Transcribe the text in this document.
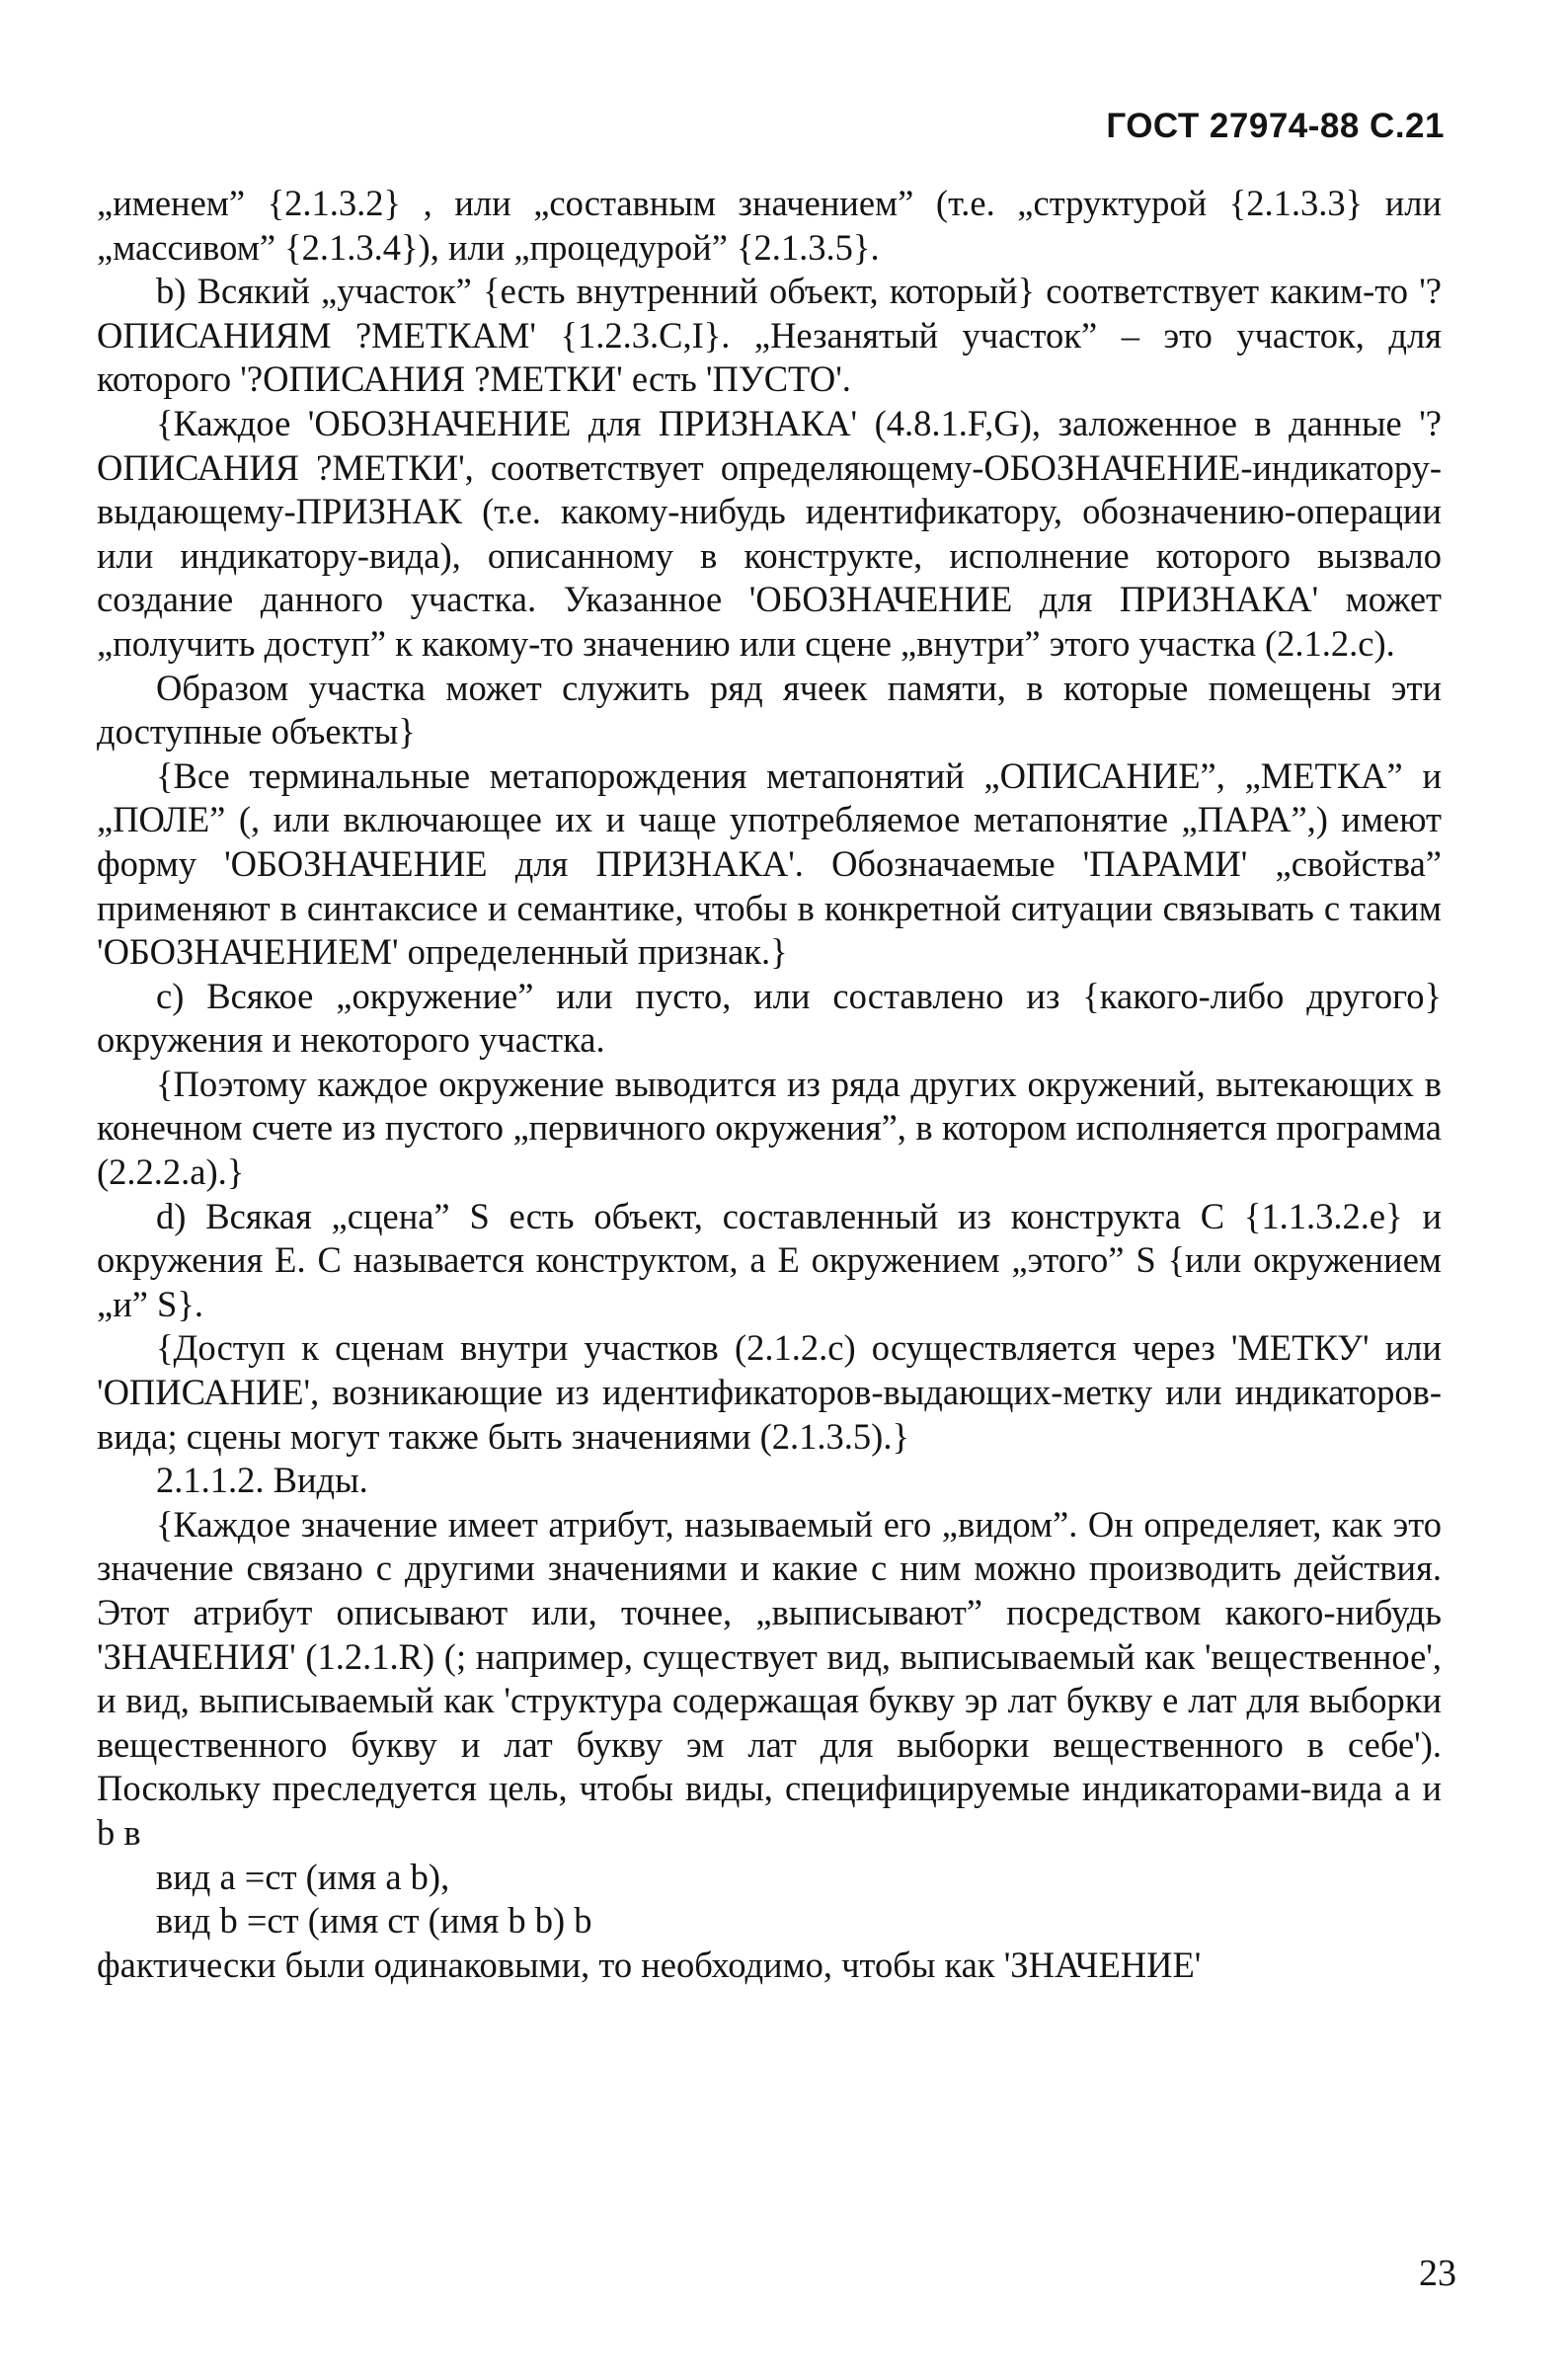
ГОСТ 27974-88 С.21

„именем” {2.1.3.2} , или „составным значением” (т.е. „структурой {2.1.3.3} или „массивом” {2.1.3.4}), или „процедурой” {2.1.3.5}.

b) Всякий „участок” {есть внутренний объект, который} соответствует каким-то '?ОПИСАНИЯМ ?МЕТКАМ' {1.2.3.C,I}. „Незанятый участок” – это участок, для которого '?ОПИСАНИЯ ?МЕТКИ' есть 'ПУСТО'.

{Каждое 'ОБОЗНАЧЕНИЕ для ПРИЗНАКА' (4.8.1.F,G), заложенное в данные '?ОПИСАНИЯ ?МЕТКИ', соответствует определяющему-ОБОЗНАЧЕНИЕ-индикатору-выдающему-ПРИЗНАК (т.е. какому-нибудь идентификатору, обозначению-операции или индикатору-вида), описанному в конструкте, исполнение которого вызвало создание данного участка. Указанное 'ОБОЗНАЧЕНИЕ для ПРИЗНАКА' может „получить доступ” к какому-то значению или сцене „внутри” этого участка (2.1.2.c).

Образом участка может служить ряд ячеек памяти, в которые помещены эти доступные объекты}

{Все терминальные метапорождения метапонятий „ОПИСАНИЕ”, „МЕТКА” и „ПОЛЕ” (, или включающее их и чаще употребляемое метапонятие „ПАРА”,) имеют форму 'ОБОЗНАЧЕНИЕ для ПРИЗНАКА'. Обозначаемые 'ПАРАМИ' „свойства” применяют в синтаксисе и семантике, чтобы в конкретной ситуации связывать с таким 'ОБОЗНАЧЕНИЕМ' определенный признак.}

c) Всякое „окружение” или пусто, или составлено из {какого-либо другого} окружения и некоторого участка.

{Поэтому каждое окружение выводится из ряда других окружений, вытекающих в конечном счете из пустого „первичного окружения”, в котором исполняется программа (2.2.2.a).}

d) Всякая „сцена” S есть объект, составленный из конструкта C {1.1.3.2.e} и окружения E. C называется конструктом, а E окружением „этого” S {или окружением „и” S}.

{Доступ к сценам внутри участков (2.1.2.c) осуществляется через 'МЕТКУ' или 'ОПИСАНИЕ', возникающие из идентификаторов-выдающих-метку или индикаторов-вида; сцены могут также быть значениями (2.1.3.5).}

2.1.1.2. Виды.

{Каждое значение имеет атрибут, называемый его „видом”. Он определяет, как это значение связано с другими значениями и какие с ним можно производить действия. Этот атрибут описывают или, точнее, „выписывают” посредством какого-нибудь 'ЗНАЧЕНИЯ' (1.2.1.R) (; например, существует вид, выписываемый как 'вещественное', и вид, выписываемый как 'структура содержащая букву эр лат букву е лат для выборки вещественного букву и лат букву эм лат для выборки вещественного в себе'). Поскольку преследуется цель, чтобы виды, специфицируемые индикаторами-вида a и b в

вид a =ст (имя a b),

вид b =ст (имя ст (имя b b) b

фактически были одинаковыми, то необходимо, чтобы как 'ЗНАЧЕНИЕ'

23
